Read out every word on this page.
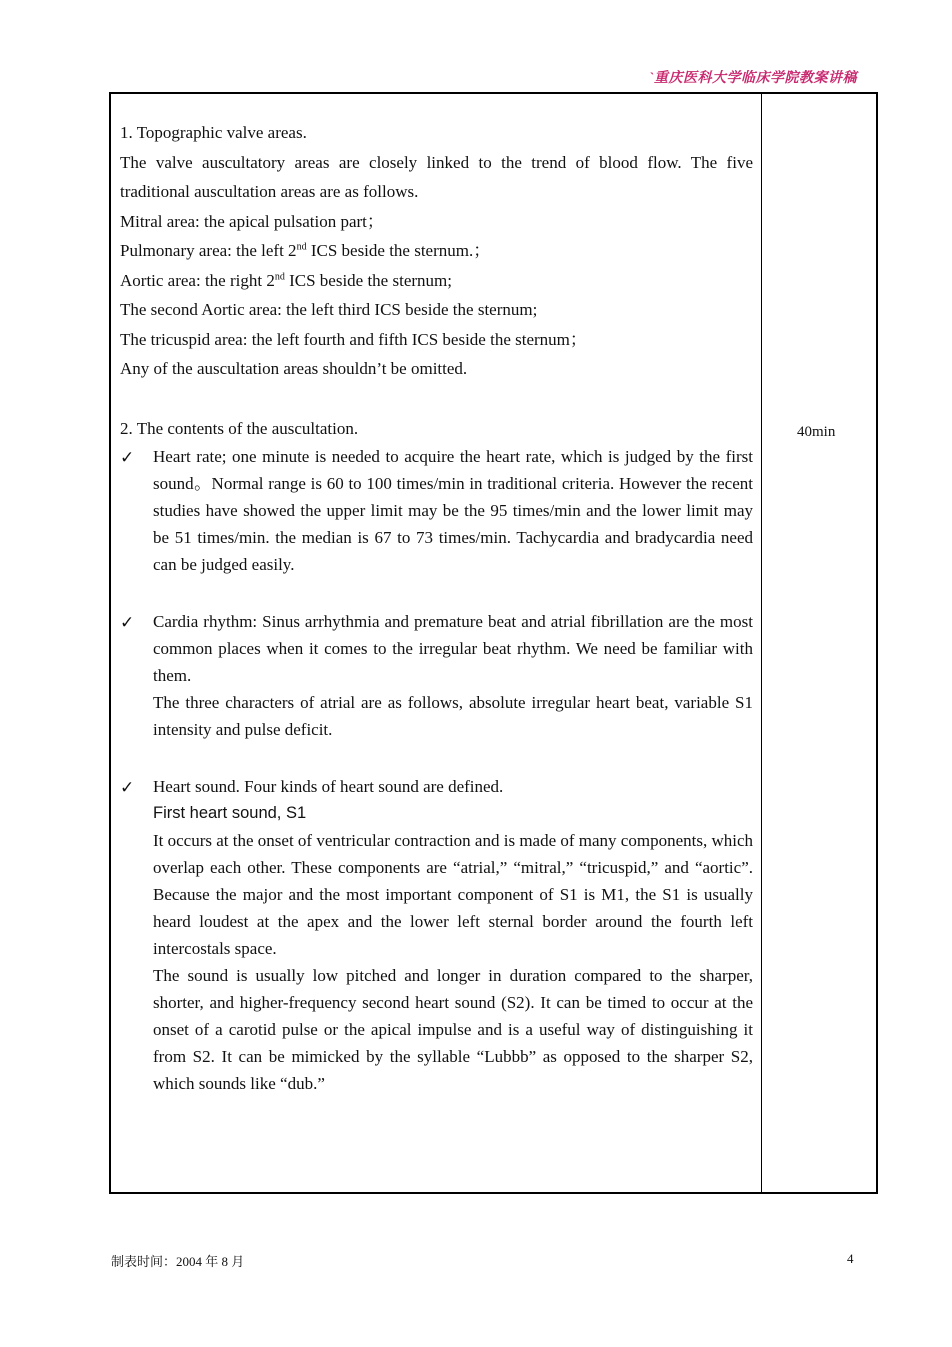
`重庆医科大学临床学院教案讲稿
40min

1. Topographic valve areas.

The valve auscultatory areas are closely linked to the trend of blood flow. The five traditional auscultation areas are as follows.

Mitral area: the apical pulsation part；

Pulmonary area: the left 2nd ICS beside the sternum.；

Aortic area: the right 2nd ICS beside the sternum;

The second Aortic area: the left third ICS beside the sternum;

The tricuspid area: the left fourth and fifth ICS beside the sternum；

Any of the auscultation areas shouldn’t be omitted.

2. The contents of the auscultation.

✓ Heart rate; one minute is needed to acquire the heart rate, which is judged by the first sound。Normal range is 60 to 100 times/min in traditional criteria. However the recent studies have showed the upper limit may be the 95 times/min and the lower limit may be 51 times/min. the median is 67 to 73 times/min. Tachycardia and bradycardia need can be judged easily.

✓ Cardia rhythm: Sinus arrhythmia and premature beat and atrial fibrillation are the most common places when it comes to the irregular beat rhythm. We need be familiar with them.

The three characters of atrial are as follows, absolute irregular heart beat, variable S1 intensity and pulse deficit.

✓ Heart sound. Four kinds of heart sound are defined.

First heart sound, S1

It occurs at the onset of ventricular contraction and is made of many components, which overlap each other. These components are “atrial,” “mitral,” “tricuspid,” and “aortic”. Because the major and the most important component of S1 is M1, the S1 is usually heard loudest at the apex and the lower left sternal border around the fourth left intercostals space.

The sound is usually low pitched and longer in duration compared to the sharper, shorter, and higher-frequency second heart sound (S2). It can be timed to occur at the onset of a carotid pulse or the apical impulse and is a useful way of distinguishing it from S2. It can be mimicked by the syllable “Lubbb” as opposed to the sharper S2, which sounds like “dub.”

制表时间：2004 年 8 月	4
